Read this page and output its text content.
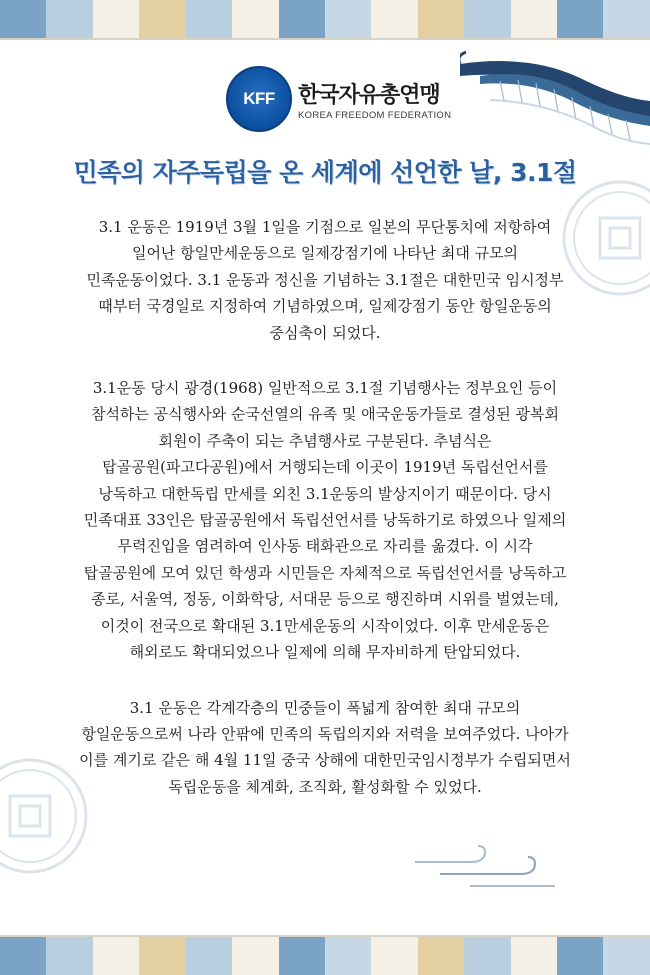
KFF 한국자유총연맹
KOREA FREEDOM FEDERATION
민족의 자주독립을 온 세계에 선언한 날, 3.1절

3.1 운동은 1919년 3월 1일을 기점으로 일본의 무단통치에 저항하여
일어난 항일만세운동으로 일제강점기에 나타난 최대 규모의
민족운동이었다. 3.1 운동과 정신을 기념하는 3.1절은 대한민국 임시정부
때부터 국경일로 지정하여 기념하였으며, 일제강점기 동안 항일운동의
중심축이 되었다.

3.1운동 당시 광경(1968) 일반적으로 3.1절 기념행사는 정부요인 등이
참석하는 공식행사와 순국선열의 유족 및 애국운동가들로 결성된 광복회
회원이 주축이 되는 추념행사로 구분된다. 추념식은
탑골공원(파고다공원)에서 거행되는데 이곳이 1919년 독립선언서를
낭독하고 대한독립 만세를 외친 3.1운동의 발상지이기 때문이다. 당시
민족대표 33인은 탑골공원에서 독립선언서를 낭독하기로 하였으나 일제의
무력진입을 염려하여 인사동 태화관으로 자리를 옮겼다. 이 시각
탑골공원에 모여 있던 학생과 시민들은 자체적으로 독립선언서를 낭독하고
종로, 서울역, 정동, 이화학당, 서대문 등으로 행진하며 시위를 벌였는데,
이것이 전국으로 확대된 3.1만세운동의 시작이었다. 이후 만세운동은
해외로도 확대되었으나 일제에 의해 무자비하게 탄압되었다.

3.1 운동은 각계각층의 민중들이 폭넓게 참여한 최대 규모의
항일운동으로써 나라 안팎에 민족의 독립의지와 저력을 보여주었다. 나아가
이를 계기로 같은 해 4월 11일 중국 상해에 대한민국임시정부가 수립되면서
독립운동을 체계화, 조직화, 활성화할 수 있었다.
